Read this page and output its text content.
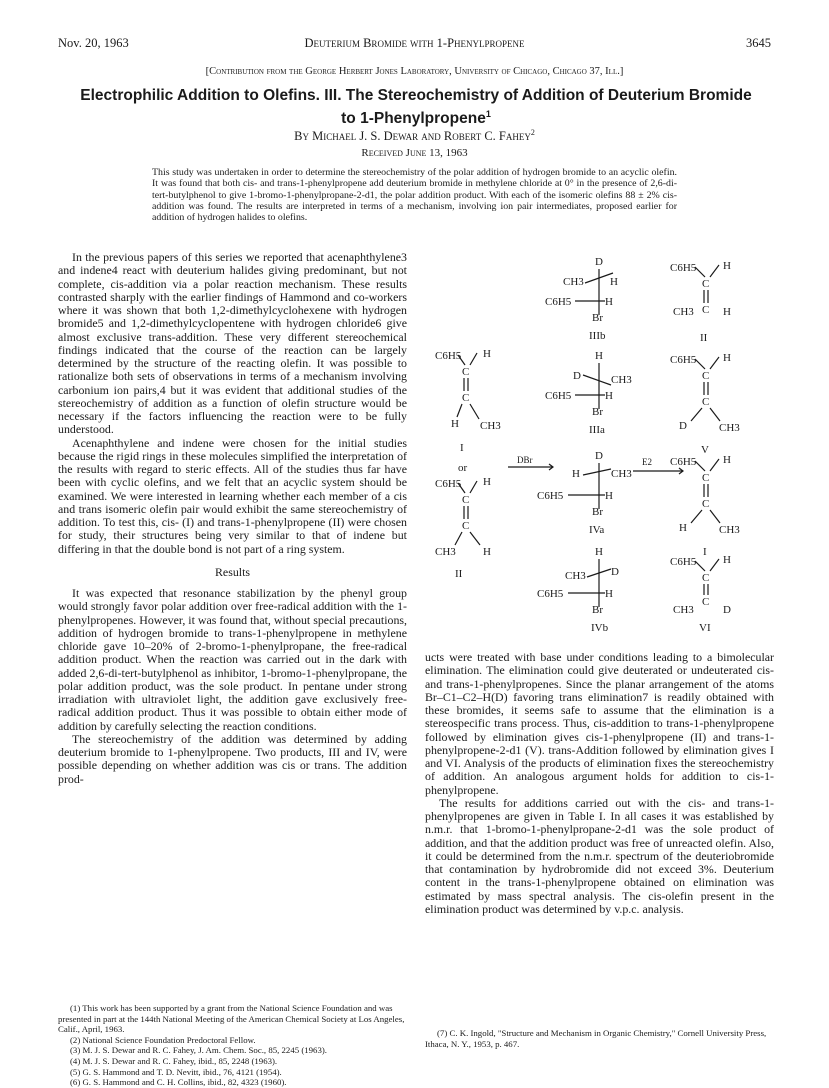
Nov. 20, 1963	Deuterium Bromide with 1-Phenylpropene	3645
[Contribution from the George Herbert Jones Laboratory, University of Chicago, Chicago 37, Ill.]
Electrophilic Addition to Olefins. III. The Stereochemistry of Addition of Deuterium Bromide
to 1-Phenylpropene$^1$
By Michael J. S. Dewar and Robert C. Fahey$^2$
Received June 13, 1963
This study was undertaken in order to determine the stereochemistry of the polar addition of hydrogen bromide to an acyclic olefin. It was found that both cis- and trans-1-phenylpropene add deuterium bromide in methylene chloride at 0° in the presence of 2,6-di-tert-butylphenol to give 1-bromo-1-phenylpropane-2-d1, the polar addition product. With each of the isomeric olefins 88 ± 2% cis-addition was found. The results are interpreted in terms of a mechanism, involving ion pair intermediates, proposed earlier for addition of hydrogen halides to olefins.

In the previous papers of this series we reported that acenaphthylene3 and indene4 react with deuterium halides giving predominant, but not complete, cis-addition via a polar reaction mechanism. These results contrasted sharply with the earlier findings of Hammond and co-workers where it was shown that both 1,2-dimethylcyclohexene with hydrogen bromide5 and 1,2-dimethylcyclopentene with hydrogen chloride6 give almost exclusive trans-addition. These very different stereochemical findings indicated that the course of the reaction can be largely determined by the structure of the reacting olefin. It was possible to rationalize both sets of observations in terms of a mechanism involving carbonium ion pairs,4 but it was evident that additional studies of the stereochemistry of addition as a function of olefin structure would be necessary if the factors influencing the reaction were to be fully understood.

Acenaphthylene and indene were chosen for the initial studies because the rigid rings in these molecules simplified the interpretation of the results with regard to steric effects. All of the studies thus far have been with cyclic olefins, and we felt that an acyclic system should be examined. We were interested in learning whether each member of a cis and trans isomeric olefin pair would exhibit the same stereochemistry of addition. To test this, cis- (I) and trans-1-phenylpropene (II) were chosen for study, their structures being very similar to that of indene but differing in that the double bond is not part of a ring system.

Results

It was expected that resonance stabilization by the phenyl group would strongly favor polar addition over free-radical addition with the 1-phenylpropenes. However, it was found that, without special precautions, addition of hydrogen bromide to trans-1-phenylpropene in methylene chloride gave 10–20% of 2-bromo-1-phenylpropane, the free-radical addition product. When the reaction was carried out in the dark with added 2,6-di-tert-butylphenol as inhibitor, 1-bromo-1-phenylpropane, the polar addition product, was the sole product. In pentane under strong irradiation with ultraviolet light, the addition gave exclusively free-radical addition product. Thus it was possible to obtain either mode of addition by carefully selecting the reaction conditions.

The stereochemistry of the addition was determined by adding deuterium bromide to 1-phenylpropene. Two products, III and IV, were possible depending on whether addition was cis or trans. The addition prod-

(1) This work has been supported by a grant from the National Science Foundation and was presented in part at the 144th National Meeting of the American Chemical Society at Los Angeles, Calif., April, 1963.
(2) National Science Foundation Predoctoral Fellow.
(3) M. J. S. Dewar and R. C. Fahey, J. Am. Chem. Soc., 85, 2245 (1963).
(4) M. J. S. Dewar and R. C. Fahey, ibid., 85, 2248 (1963).
(5) G. S. Hammond and T. D. Nevitt, ibid., 76, 4121 (1954).
(6) G. S. Hammond and C. H. Collins, ibid., 82, 4323 (1960).
C6H5 H
C
C
H CH3
I
or
C6H5 H
C
C
CH3 H
II
DBr
D
CH3 H
C6H5	H
Br
IIIb
H
D	CH3
C6H5	H
Br
IIIa
D
H	CH3
C6H5	H
Br
IVa
H
CH3 D
C6H5	H
Br
IVb
E2
C6H5 H
C
C
CH3	H
II
C6H5 H
C
C
D	CH3
V
C6H5 H
C
C
H	CH3
I
C6H5 H
C
C
CH3	D
VI

ucts were treated with base under conditions leading to a bimolecular elimination. The elimination could give deuterated or undeuterated cis- and trans-1-phenylpropenes. Since the planar arrangement of the atoms Br–C1–C2–H(D) favoring trans elimination7 is readily obtained with these bromides, it seems safe to assume that the elimination is a stereospecific trans process. Thus, cis-addition to trans-1-phenylpropene followed by elimination gives cis-1-phenylpropene (II) and trans-1-phenylpropene-2-d1 (V). trans-Addition followed by elimination gives I and VI. Analysis of the products of elimination fixes the stereochemistry of addition. An analogous argument holds for addition to cis-1-phenylpropene.

The results for additions carried out with the cis- and trans-1-phenylpropenes are given in Table I. In all cases it was established by n.m.r. that 1-bromo-1-phenylpropane-2-d1 was the sole product of addition, and that the addition product was free of unreacted olefin. Also, it could be determined from the n.m.r. spectrum of the deuteriobromide that contamination by hydrobromide did not exceed 3%. Deuterium content in the trans-1-phenylpropene obtained on elimination was estimated by mass spectral analysis. The cis-olefin present in the elimination product was determined by v.p.c. analysis.

(7) C. K. Ingold, "Structure and Mechanism in Organic Chemistry," Cornell University Press, Ithaca, N. Y., 1953, p. 467.
